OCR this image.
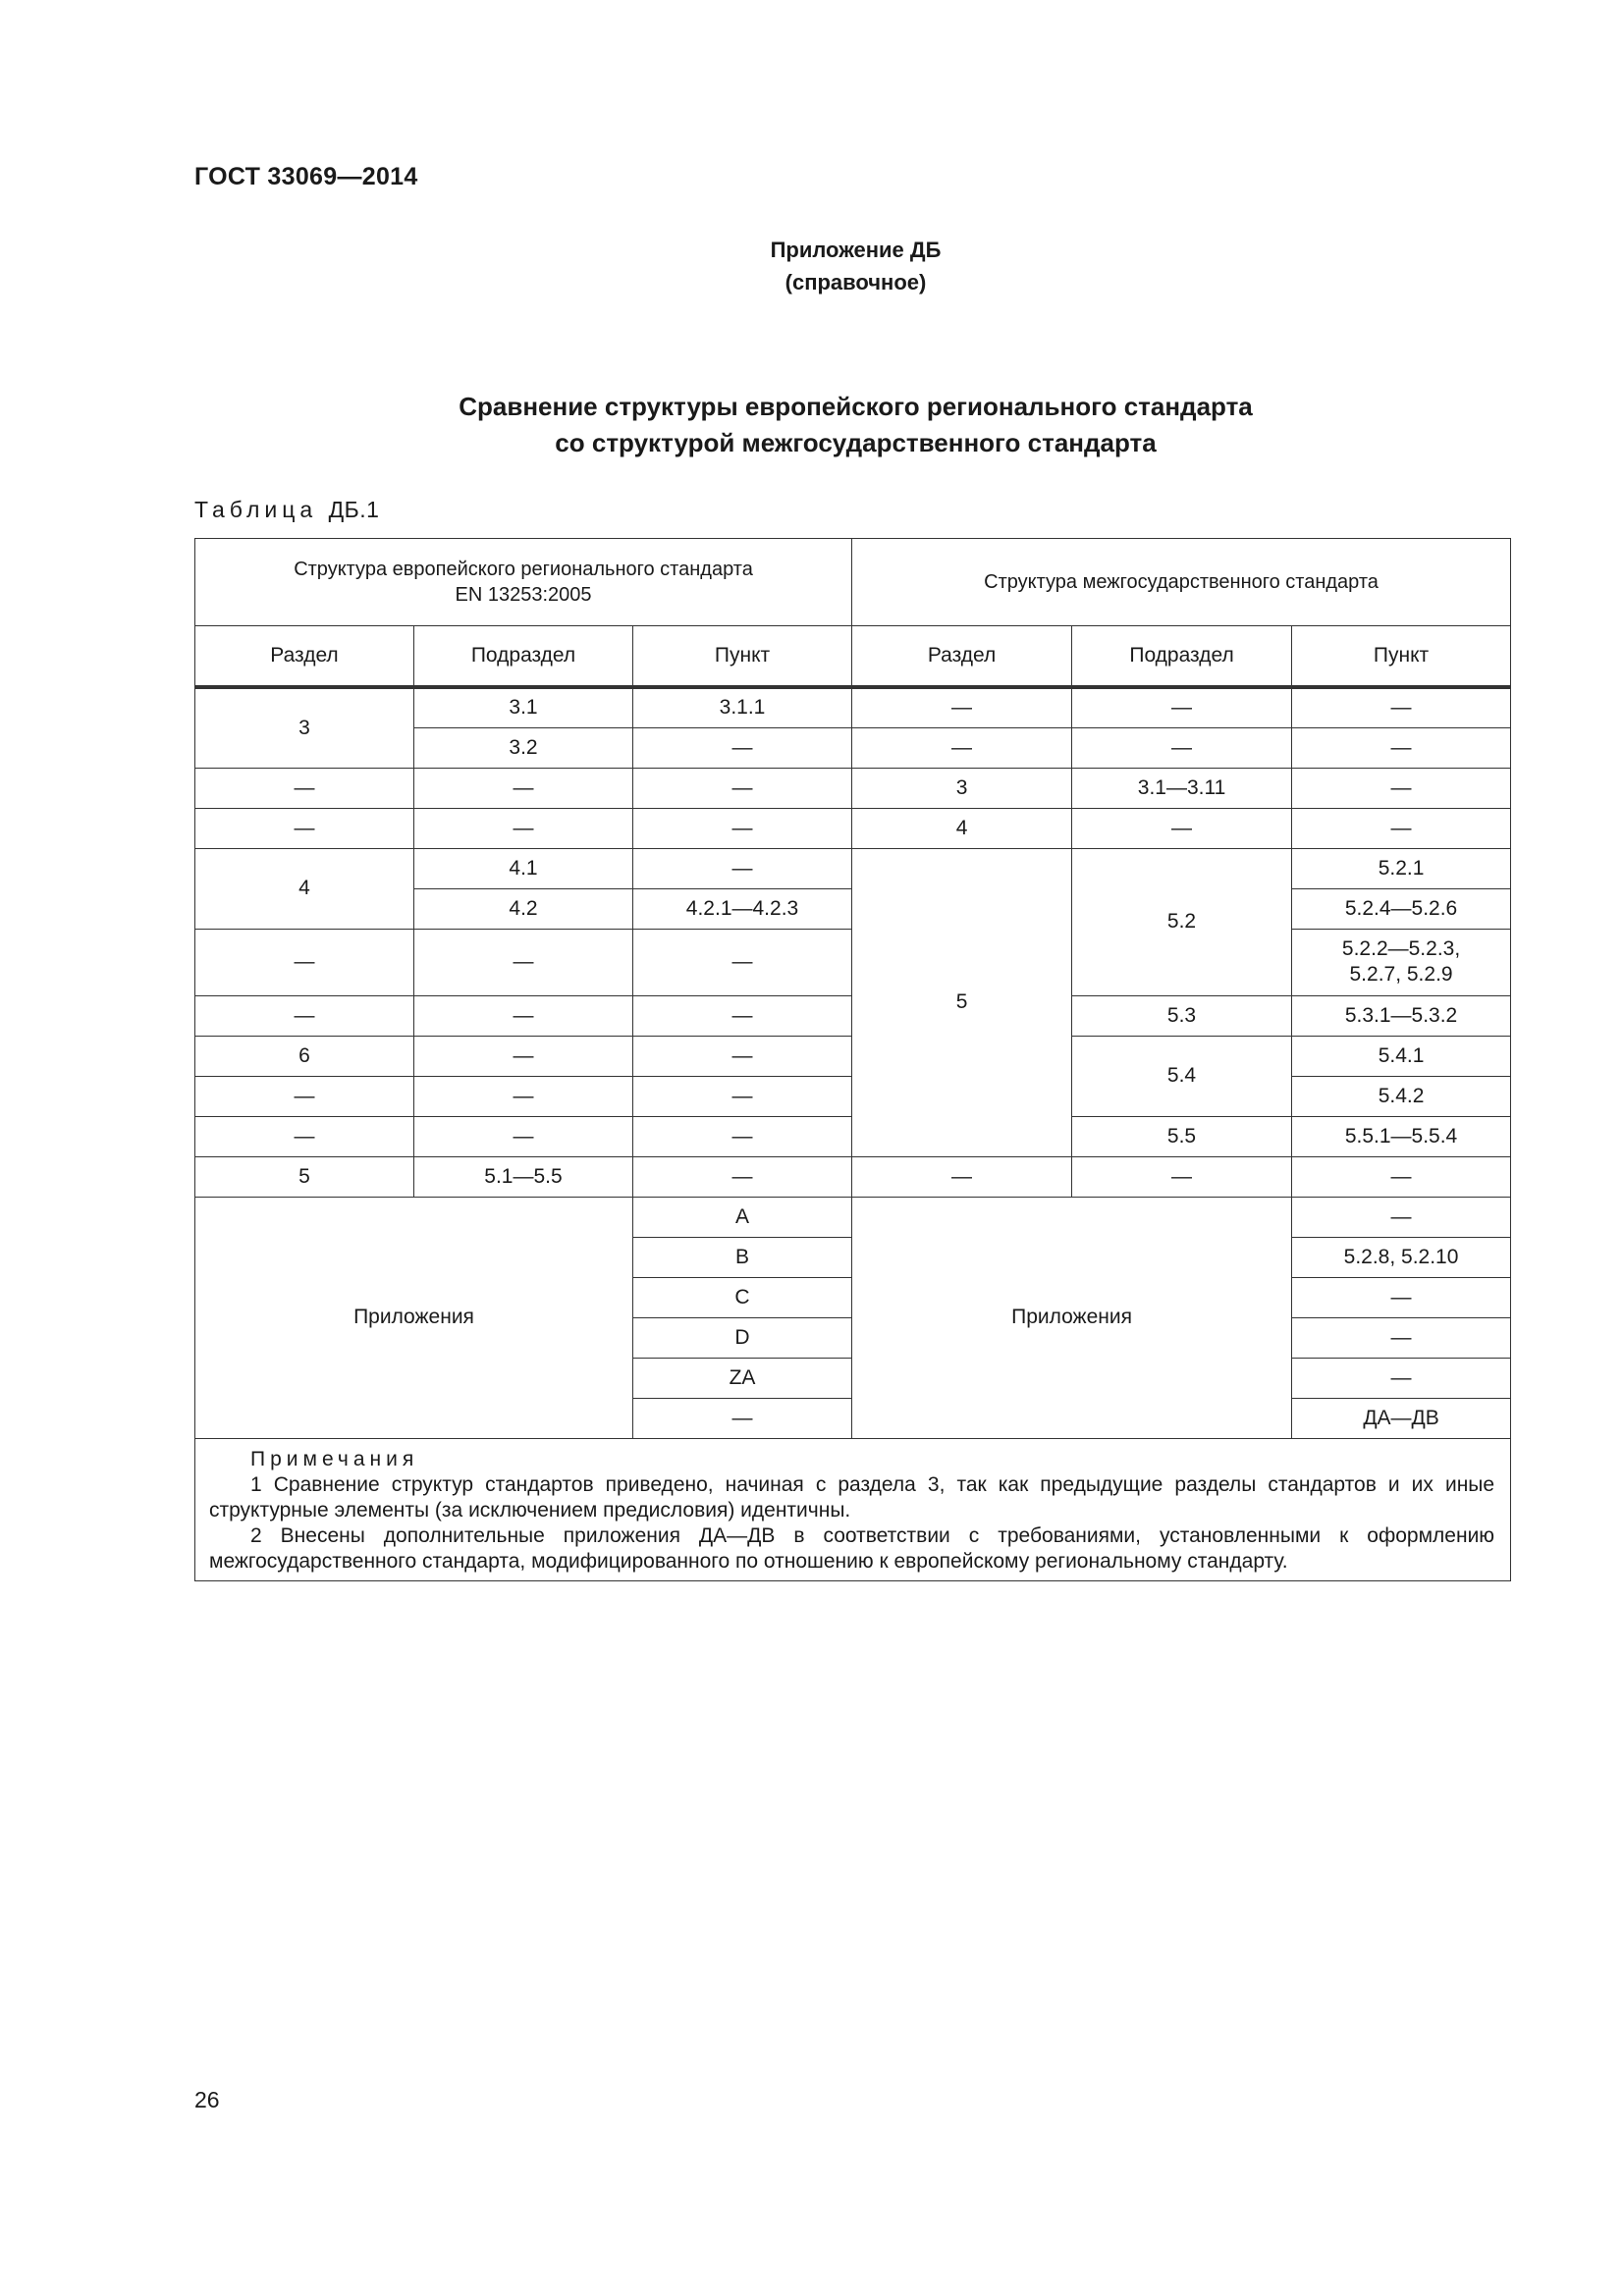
ГОСТ 33069—2014
Приложение ДБ
(справочное)
Сравнение структуры европейского регионального стандарта
со структурой межгосударственного стандарта
Таблица ДБ.1
Структура европейского регионального стандарта
EN 13253:2005			Структура межгосударственного стандарта		
Раздел	Подраздел	Пункт	Раздел	Подраздел	Пункт
3	3.1	3.1.1	—	—	—
	3.2	—	—	—	—
—	—	—	3	3.1—3.11	—
—	—	—	4	—	—
4	4.1	—	5	5.2	5.2.1
	4.2	4.2.1—4.2.3			5.2.4—5.2.6
—	—	—			5.2.2—5.2.3,
5.2.7, 5.2.9

—	—	—		5.3	5.3.1—5.3.2
6	—	—		5.4	5.4.1
—	—	—			5.4.2
—	—	—		5.5	5.5.1—5.5.4
5	5.1—5.5	—	—	—	—
Приложения		A	Приложения		—
		B			5.2.8, 5.2.10
		C			—
		D			—
		ZA			—
		—			ДА—ДВ

Примечания
1 Сравнение структур стандартов приведено, начиная с раздела 3, так как предыдущие разделы стандартов и их иные структурные элементы (за исключением предисловия) идентичны.
2 Внесены дополнительные приложения ДА—ДВ в соответствии с требованиями, установленными к оформлению межгосударственного стандарта, модифицированного по отношению к европейскому региональному стандарту.					
26
